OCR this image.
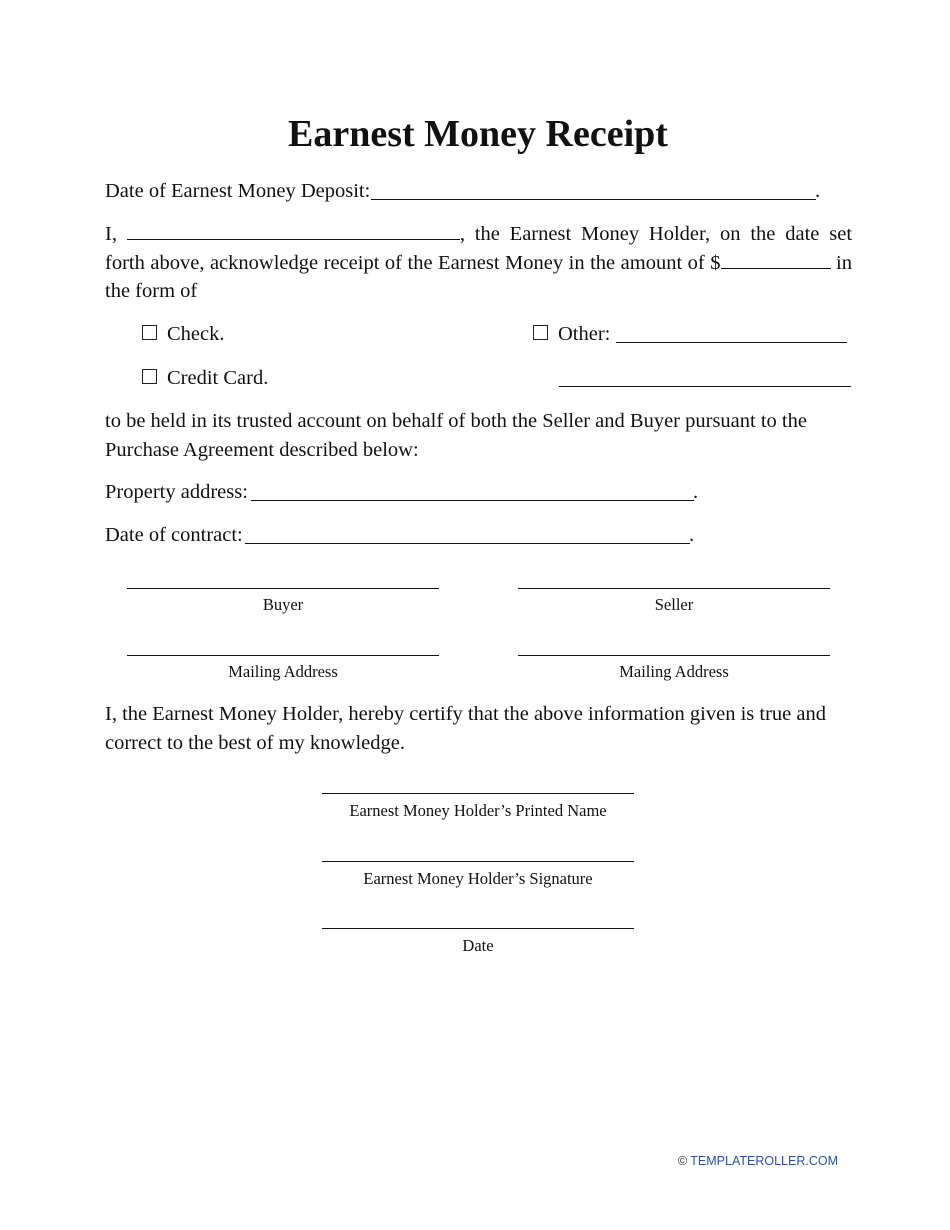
Earnest Money Receipt
Date of Earnest Money Deposit:	.
I,	, the Earnest Money Holder, on the date set forth above, acknowledge receipt of the Earnest Money in the amount of $	in the form of
Check.	Other:
Credit Card.
to be held in its trusted account on behalf of both the Seller and Buyer pursuant to the Purchase Agreement described below:
Property address:	.
Date of contract:	.
Buyer	Seller
Mailing Address	Mailing Address
I, the Earnest Money Holder, hereby certify that the above information given is true and correct to the best of my knowledge.
Earnest Money Holder’s Printed Name
Earnest Money Holder’s Signature
Date
© TEMPLATEROLLER.COM
